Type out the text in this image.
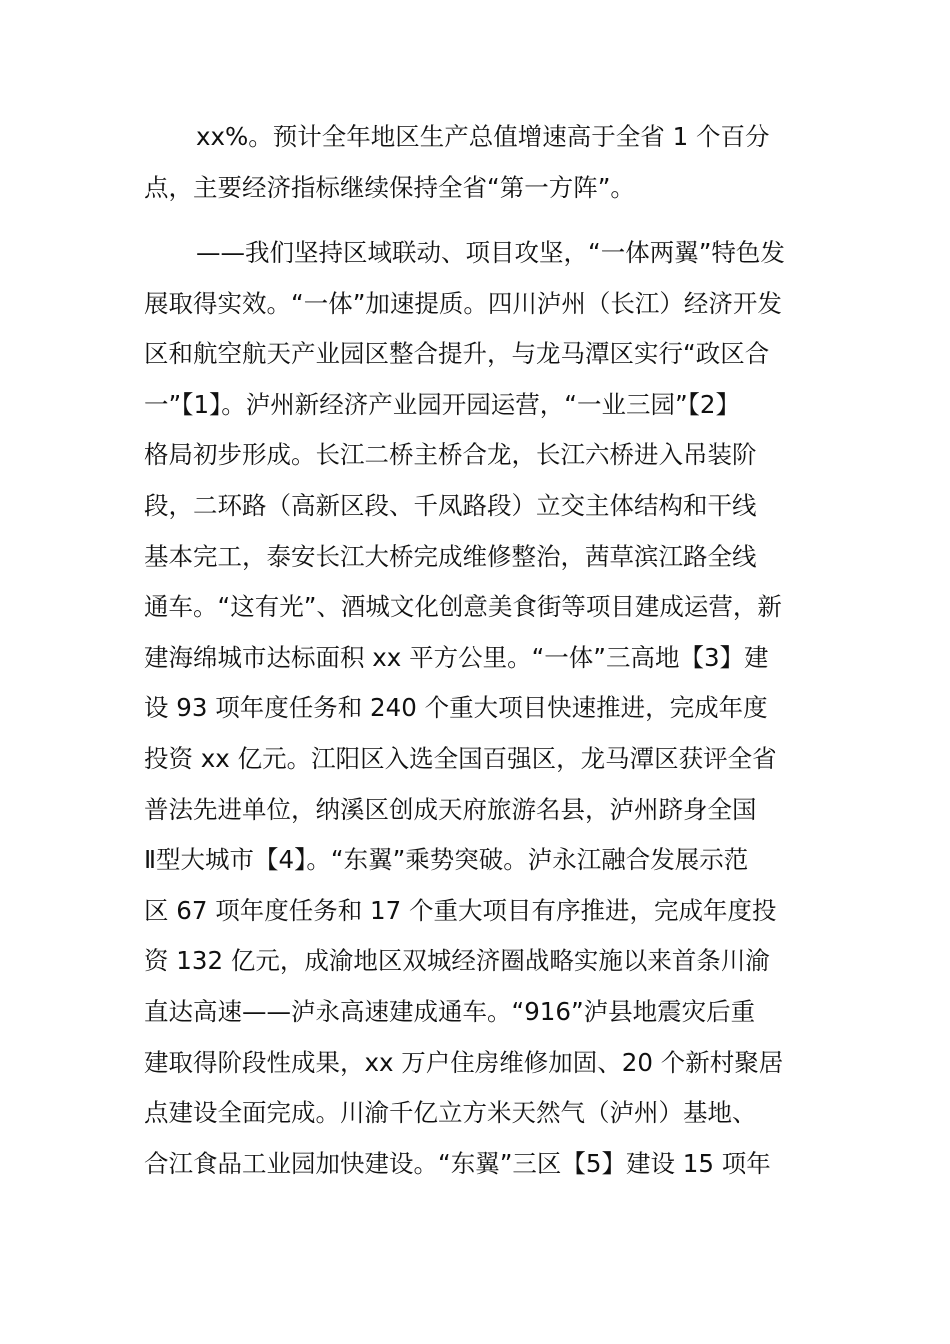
xx%。预计全年地区生产总值增速高于全省 1 个百分
点，主要经济指标继续保持全省“第一方阵”。
——我们坚持区域联动、项目攻坚，“一体两翼”特色发
展取得实效。“一体”加速提质。四川泸州（长江）经济开发
区和航空航天产业园区整合提升，与龙马潭区实行“政区合
一”【1】。泸州新经济产业园开园运营，“一业三园”【2】
格局初步形成。长江二桥主桥合龙，长江六桥进入吊装阶
段，二环路（高新区段、千凤路段）立交主体结构和干线
基本完工，泰安长江大桥完成维修整治，茜草滨江路全线
通车。“这有光”、酒城文化创意美食街等项目建成运营，新
建海绵城市达标面积 xx 平方公里。“一体”三高地【3】建
设 93 项年度任务和 240 个重大项目快速推进，完成年度
投资 xx 亿元。江阳区入选全国百强区，龙马潭区获评全省
普法先进单位，纳溪区创成天府旅游名县，泸州跻身全国
Ⅱ型大城市【4】。“东翼”乘势突破。泸永江融合发展示范
区 67 项年度任务和 17 个重大项目有序推进，完成年度投
资 132 亿元，成渝地区双城经济圈战略实施以来首条川渝
直达高速——泸永高速建成通车。“916”泸县地震灾后重
建取得阶段性成果，xx 万户住房维修加固、20 个新村聚居
点建设全面完成。川渝千亿立方米天然气（泸州）基地、
合江食品工业园加快建设。“东翼”三区【5】建设 15 项年
